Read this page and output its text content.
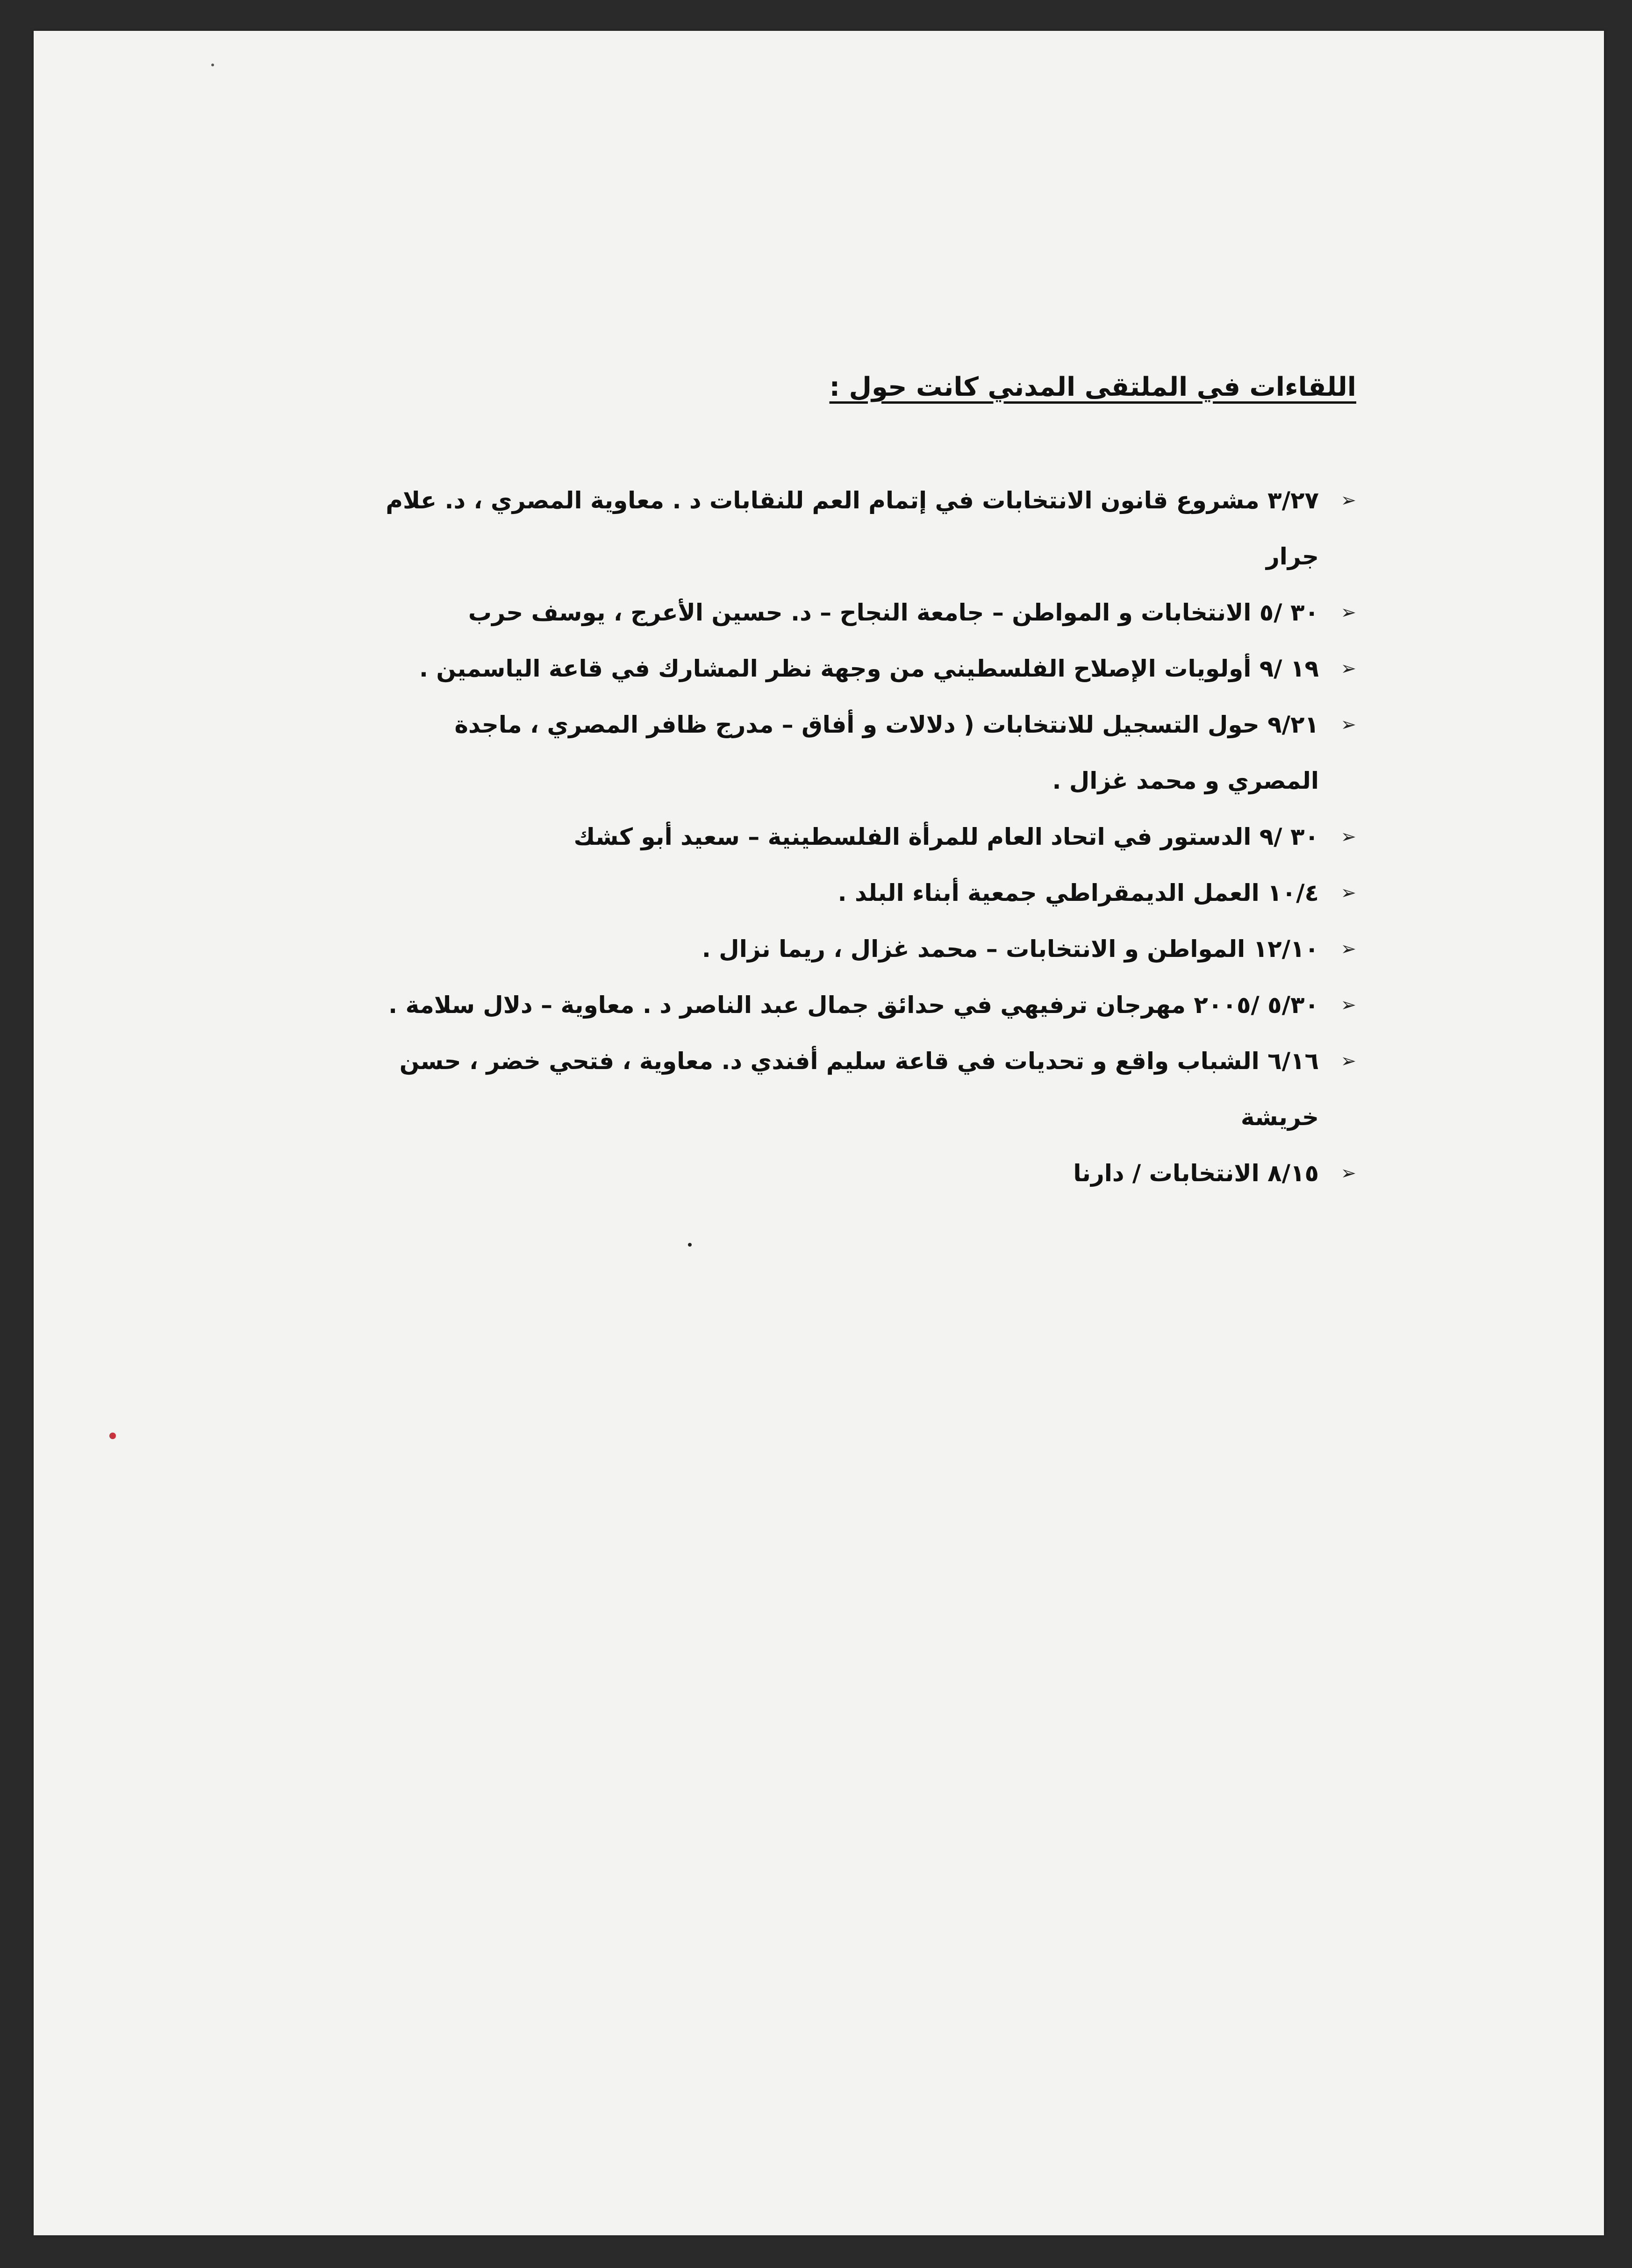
اللقاءات في الملتقى المدني كانت حول :
➢
٣/٢٧ مشروع قانون الانتخابات في إتمام العم للنقابات د . معاوية المصري ، د. علام جرار
➢
٣٠ /٥ الانتخابات و المواطن – جامعة النجاح – د. حسين الأعرج ، يوسف حرب
➢
١٩ /٩ أولويات الإصلاح الفلسطيني من وجهة نظر المشارك في قاعة الياسمين .
➢
٩/٢١ حول التسجيل للانتخابات ( دلالات و أفاق – مدرج ظافر المصري ، ماجدة المصري و محمد غزال .
➢
٣٠ /٩ الدستور في اتحاد العام للمرأة الفلسطينية – سعيد أبو كشك
➢
١٠/٤ العمل الديمقراطي جمعية أبناء البلد .
➢
١٢/١٠ المواطن و الانتخابات – محمد غزال ، ريما نزال .
➢
٥/٣٠ /٢٠٠٥ مهرجان ترفيهي في حدائق جمال عبد الناصر د . معاوية – دلال سلامة .
➢
٦/١٦ الشباب واقع و تحديات في قاعة سليم أفندي د. معاوية ، فتحي خضر ، حسن خريشة
➢
٨/١٥ الانتخابات / دارنا
